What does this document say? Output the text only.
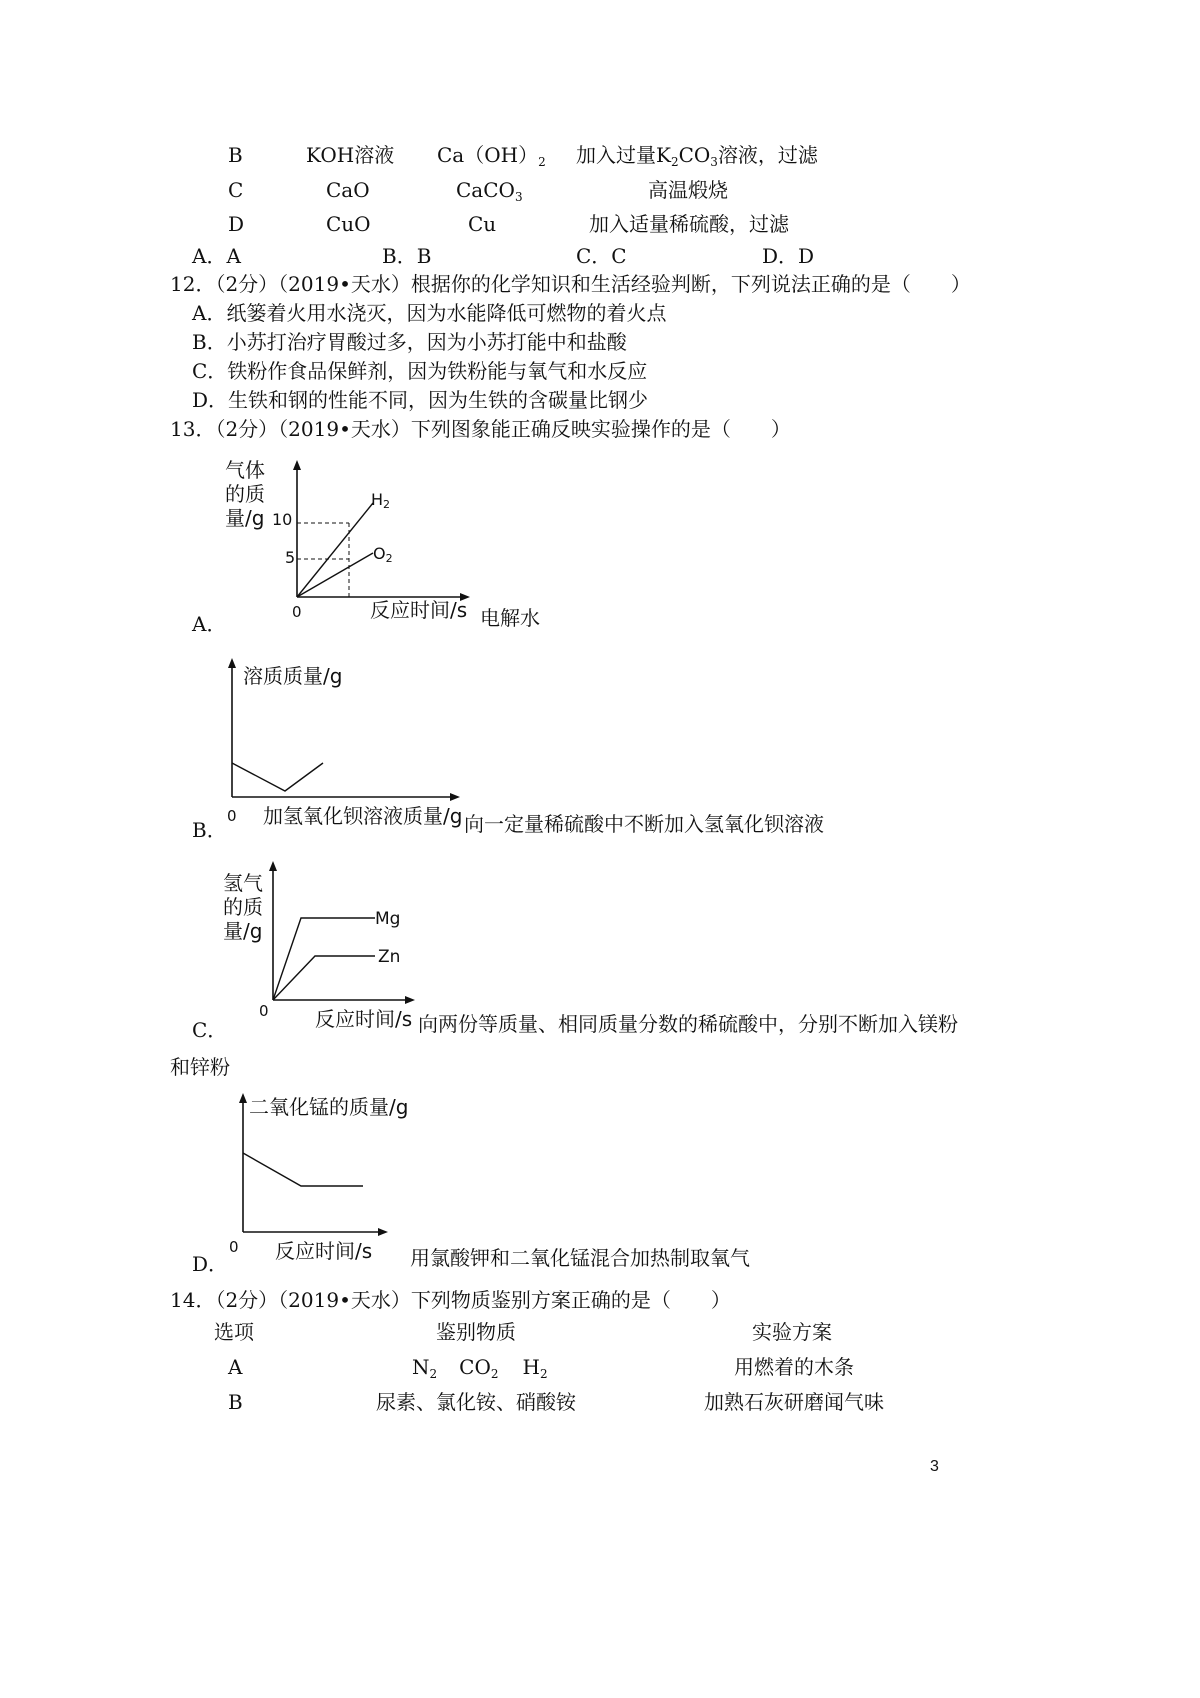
B	KOH溶液 $Ca(OH)_2$ 加入过量$K_2CO_3$溶液，过滤
C	CaO	CaCO$_3$	高温煅烧
D	CuO	Cu	加入适量稀硫酸，过滤
A．A	B．B	C．C	D．D
12．（2分）（2019•天水）根据你的化学知识和生活经验判断，下列说法正确的是（　　）
A．纸篓着火用水浇灭，因为水能降低可燃物的着火点
B．小苏打治疗胃酸过多，因为小苏打能中和盐酸
C．铁粉作食品保鲜剂，因为铁粉能与氧气和水反应
D．生铁和钢的性能不同，因为生铁的含碳量比钢少
13．（2分）（2019•天水）下列图象能正确反映实验操作的是（　　）
气体
的质
量/g 10
5
0	反应时间/s
H2
O2
A．	电解水
溶质质量/g
0 加氢氧化钡溶液质量/g
B．	向一定量稀硫酸中不断加入氢氧化钡溶液
氢气
的质
量/g	Mg
Zn
0 反应时间/s
C．	向两份等质量、相同质量分数的稀硫酸中，分别不断加入镁粉
和锌粉
二氧化锰的质量/g
0 反应时间/s
D．	用氯酸钾和二氧化锰混合加热制取氧气
14．（2分）（2019•天水）下列物质鉴别方案正确的是（　　）
选项	鉴别物质	实验方案
A	$N_2$ $CO_2$ $H_2$	用燃着的木条
B	尿素、氯化铵、硝酸铵	加熟石灰研磨闻气味
3
